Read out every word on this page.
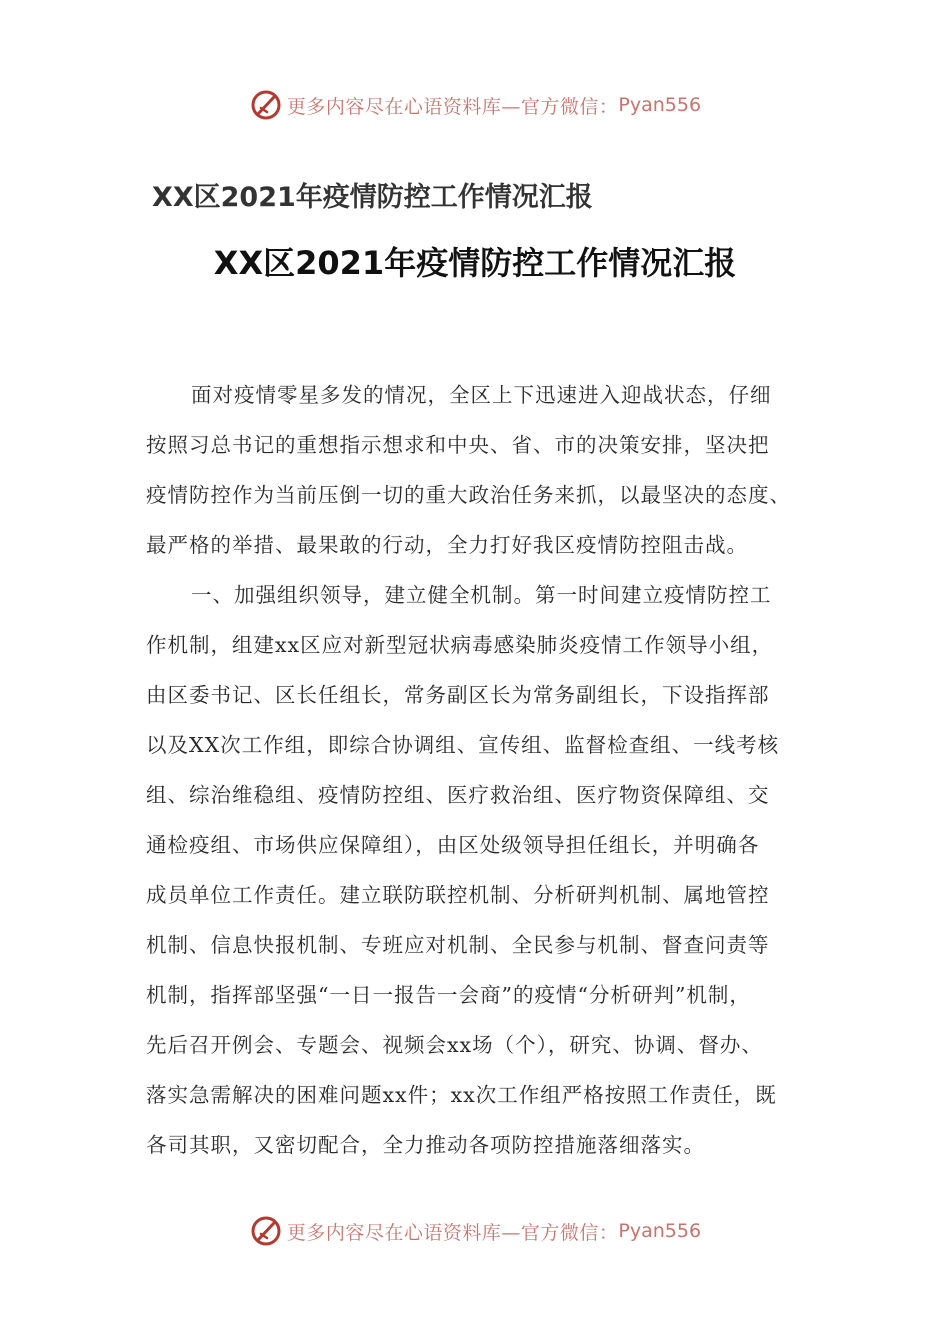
更多内容尽在心语资料库—官方微信： Pyan556
XX区2021年疫情防控工作情况汇报
XX区2021年疫情防控工作情况汇报
面对疫情零星多发的情况，全区上下迅速进入迎战状态，仔细
按照习总书记的重想指示想求和中央、省、市的决策安排，坚决把
疫情防控作为当前压倒一切的重大政治任务来抓，以最坚决的态度、
最严格的举措、最果敢的行动，全力打好我区疫情防控阻击战。
一、加强组织领导，建立健全机制。第一时间建立疫情防控工
作机制，组建xx区应对新型冠状病毒感染肺炎疫情工作领导小组，
由区委书记、区长任组长，常务副区长为常务副组长，下设指挥部
以及XX次工作组，即综合协调组、宣传组、监督检查组、一线考核
组、综治维稳组、疫情防控组、医疗救治组、医疗物资保障组、交
通检疫组、市场供应保障组），由区处级领导担任组长，并明确各
成员单位工作责任。建立联防联控机制、分析研判机制、属地管控
机制、信息快报机制、专班应对机制、全民参与机制、督查问责等
机制，指挥部坚强“一日一报告一会商”的疫情“分析研判”机制，
先后召开例会、专题会、视频会xx场（个），研究、协调、督办、
落实急需解决的困难问题xx件；xx次工作组严格按照工作责任，既
各司其职，又密切配合，全力推动各项防控措施落细落实。
更多内容尽在心语资料库—官方微信： Pyan556
